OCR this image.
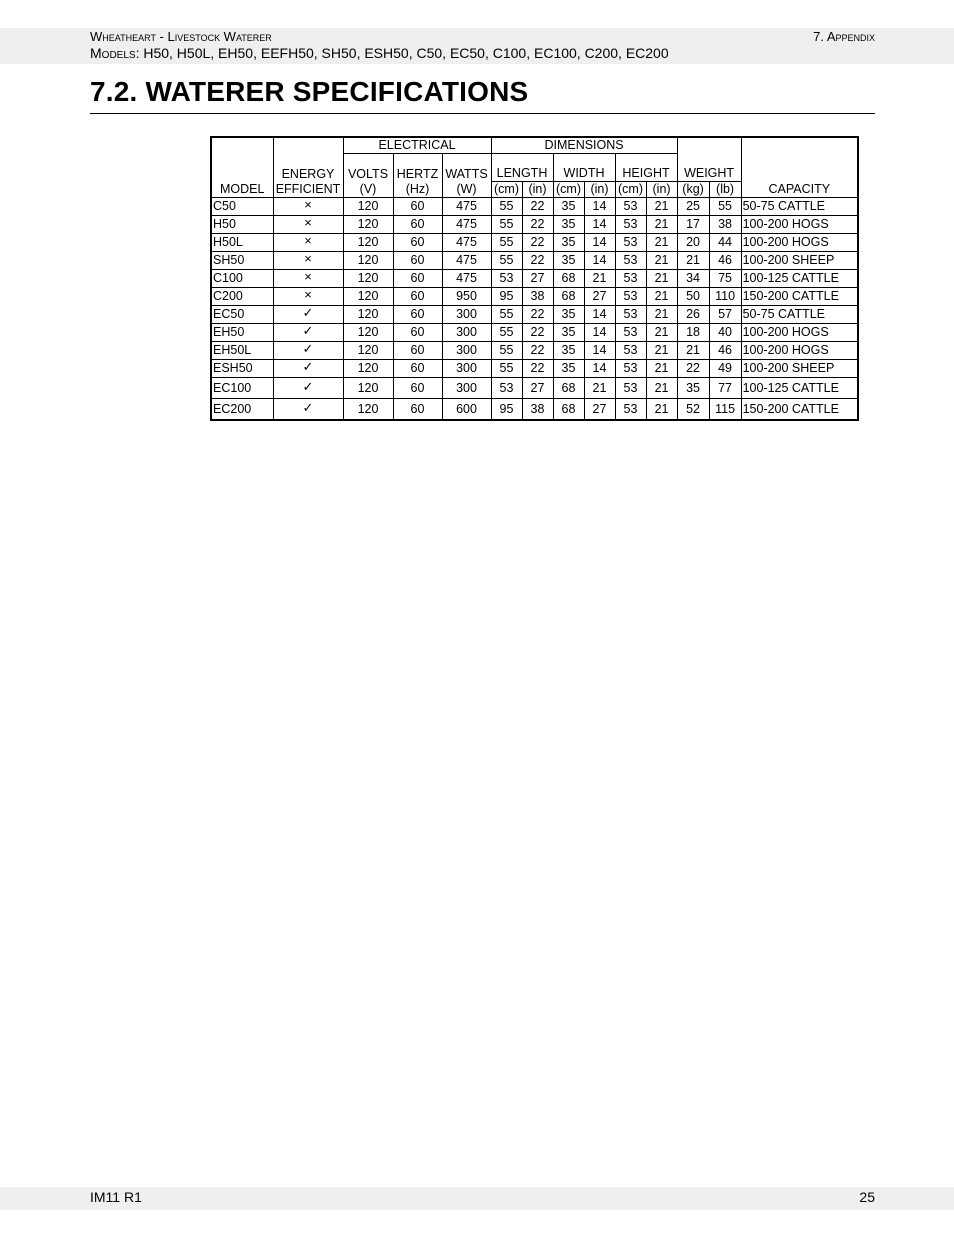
Wheatheart - Livestock Waterer	7. Appendix
Models: H50, H50L, EH50, EEFH50, SH50, ESH50, C50, EC50, C100, EC100, C200, EC200
7.2. WATERER SPECIFICATIONS
		ELECTRICAL			DIMENSIONS								
	ENERGY	VOLTS	HERTZ	WATTS	LENGTH		WIDTH		HEIGHT		WEIGHT		
MODEL	EFFICIENT	(V)	(Hz)	(W)	(cm)	(in)	(cm)	(in)	(cm)	(in)	(kg)	(lb)	CAPACITY
C50	×	120	60	475	55	22	35	14	53	21	25	55	50-75 CATTLE
H50	×	120	60	475	55	22	35	14	53	21	17	38	100-200 HOGS
H50L	×	120	60	475	55	22	35	14	53	21	20	44	100-200 HOGS
SH50	×	120	60	475	55	22	35	14	53	21	21	46	100-200 SHEEP
C100	×	120	60	475	53	27	68	21	53	21	34	75	100-125 CATTLE
C200	×	120	60	950	95	38	68	27	53	21	50	110	150-200 CATTLE
EC50	✓	120	60	300	55	22	35	14	53	21	26	57	50-75 CATTLE
EH50	✓	120	60	300	55	22	35	14	53	21	18	40	100-200 HOGS
EH50L	✓	120	60	300	55	22	35	14	53	21	21	46	100-200 HOGS
ESH50	✓	120	60	300	55	22	35	14	53	21	22	49	100-200 SHEEP
EC100	✓	120	60	300	53	27	68	21	53	21	35	77	100-125 CATTLE
EC200	✓	120	60	600	95	38	68	27	53	21	52	115	150-200 CATTLE
IM11 R1	25
